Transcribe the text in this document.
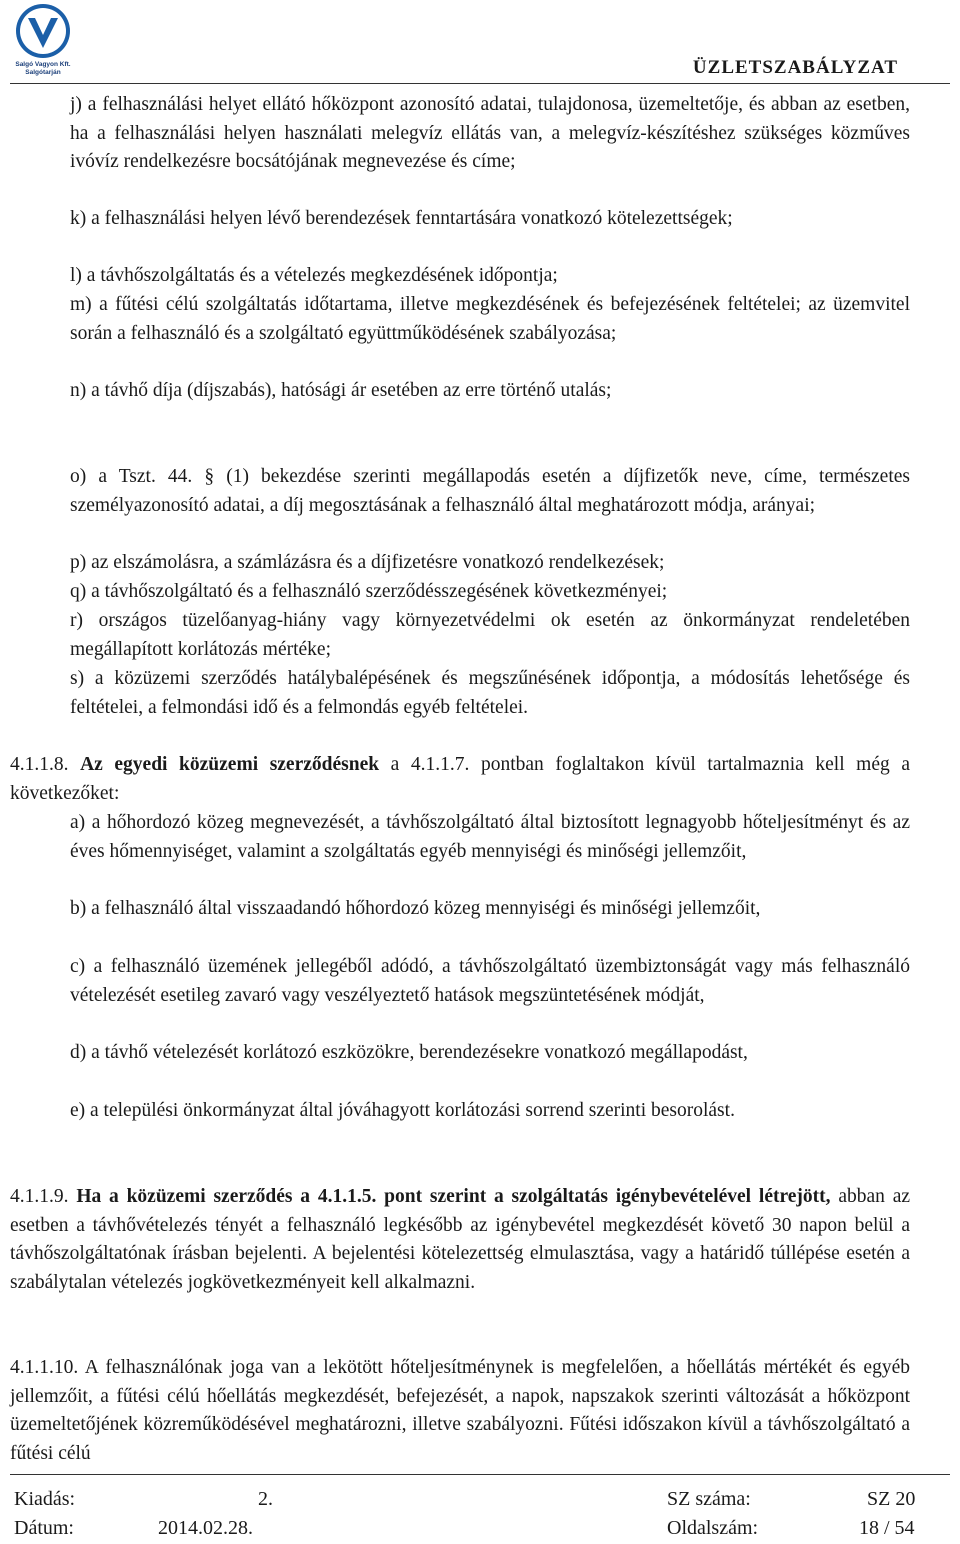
Salgó Vagyon Kft.
Salgótarján	ÜZLETSZABÁLYZAT
j) a felhasználási helyet ellátó hőközpont azonosító adatai, tulajdonosa, üzemeltetője, és abban az esetben, ha a felhasználási helyen használati melegvíz ellátás van, a melegvíz-készítéshez szükséges közműves ivóvíz rendelkezésre bocsátójának megnevezése és címe;
k) a felhasználási helyen lévő berendezések fenntartására vonatkozó kötelezettségek;
l) a távhőszolgáltatás és a vételezés megkezdésének időpontja;
m) a fűtési célú szolgáltatás időtartama, illetve megkezdésének és befejezésének feltételei; az üzemvitel során a felhasználó és a szolgáltató együttműködésének szabályozása;
n) a távhő díja (díjszabás), hatósági ár esetében az erre történő utalás;
o) a Tszt. 44. § (1) bekezdése szerinti megállapodás esetén a díjfizetők neve, címe, természetes személyazonosító adatai, a díj megosztásának a felhasználó által meghatározott módja, arányai;
p) az elszámolásra, a számlázásra és a díjfizetésre vonatkozó rendelkezések;
q) a távhőszolgáltató és a felhasználó szerződésszegésének következményei;
r) országos tüzelőanyag-hiány vagy környezetvédelmi ok esetén az önkormányzat rendeletében megállapított korlátozás mértéke;
s) a közüzemi szerződés hatálybalépésének és megszűnésének időpontja, a módosítás lehetősége és feltételei, a felmondási idő és a felmondás egyéb feltételei.
4.1.1.8. Az egyedi közüzemi szerződésnek a 4.1.1.7. pontban foglaltakon kívül tartalmaznia kell még a következőket:
a) a hőhordozó közeg megnevezését, a távhőszolgáltató által biztosított legnagyobb hőteljesítményt és az éves hőmennyiséget, valamint a szolgáltatás egyéb mennyiségi és minőségi jellemzőit,
b) a felhasználó által visszaadandó hőhordozó közeg mennyiségi és minőségi jellemzőit,
c) a felhasználó üzemének jellegéből adódó, a távhőszolgáltató üzembiztonságát vagy más felhasználó vételezését esetileg zavaró vagy veszélyeztető hatások megszüntetésének módját,
d) a távhő vételezését korlátozó eszközökre, berendezésekre vonatkozó megállapodást,
e) a települési önkormányzat által jóváhagyott korlátozási sorrend szerinti besorolást.
4.1.1.9. Ha a közüzemi szerződés a 4.1.1.5. pont szerint a szolgáltatás igénybevételével létrejött, abban az esetben a távhővételezés tényét a felhasználó legkésőbb az igénybevétel megkezdését követő 30 napon belül a távhőszolgáltatónak írásban bejelenti. A bejelentési kötelezettség elmulasztása, vagy a határidő túllépése esetén a szabálytalan vételezés jogkövetkezményeit kell alkalmazni.
4.1.1.10. A felhasználónak joga van a lekötött hőteljesítménynek is megfelelően, a hőellátás mértékét és egyéb jellemzőit, a fűtési célú hőellátás megkezdését, befejezését, a napok, napszakok szerinti változását a hőközpont üzemeltetőjének közreműködésével meghatározni, illetve szabályozni. Fűtési időszakon kívül a távhőszolgáltató a fűtési célú
Kiadás:	2.	SZ száma:	SZ 20
Dátum:	2014.02.28.	Oldalszám:	18 / 54
